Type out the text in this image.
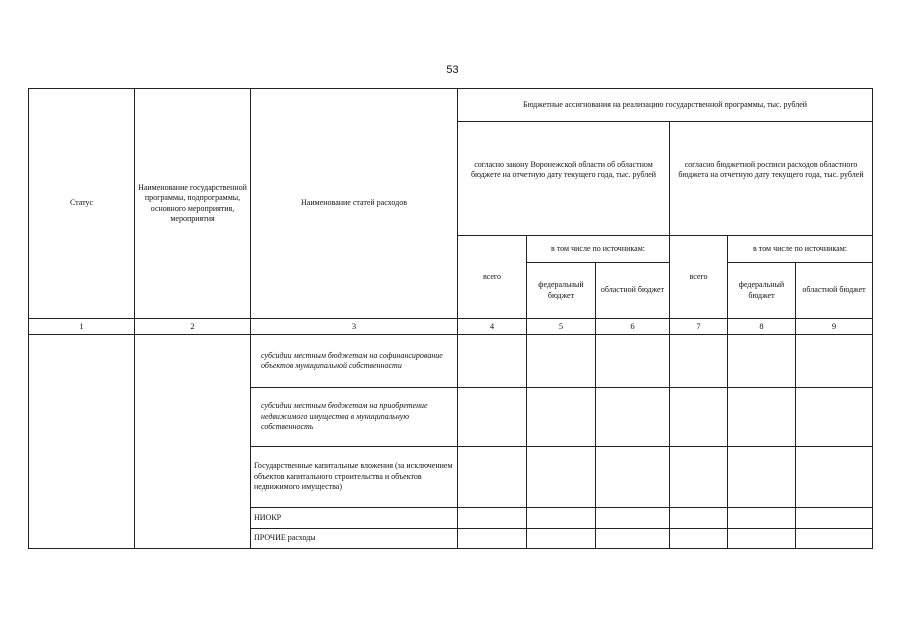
53
Статус	Наименование государственной программы, подпрограммы, основного мероприятия, мероприятия	Наименование статей расходов	Бюджетные ассигнования на реализацию государственной программы, тыс. рублей					
			согласно закону Воронежской области об областном бюджете на отчетную дату текущего года, тыс. рублей			согласно бюджетной росписи расходов областного бюджета на отчетную дату текущего года, тыс. рублей		
			всего	в том числе по источникам:		всего	в том числе по источникам:	
				федеральный бюджет	областной бюджет		федеральный бюджет	областной бюджет
1	2	3	4	5	6	7	8	9
		субсидии местным бюджетам на софинансирование объектов муниципальной собственности						
		субсидии местным бюджетам на приобретение недвижимого имущества в муниципальную собственность						
		Государственные капитальные вложения (за исключением объектов капитального строительства и объектов недвижимого имущества)						
		НИОКР						
		ПРОЧИЕ расходы						
